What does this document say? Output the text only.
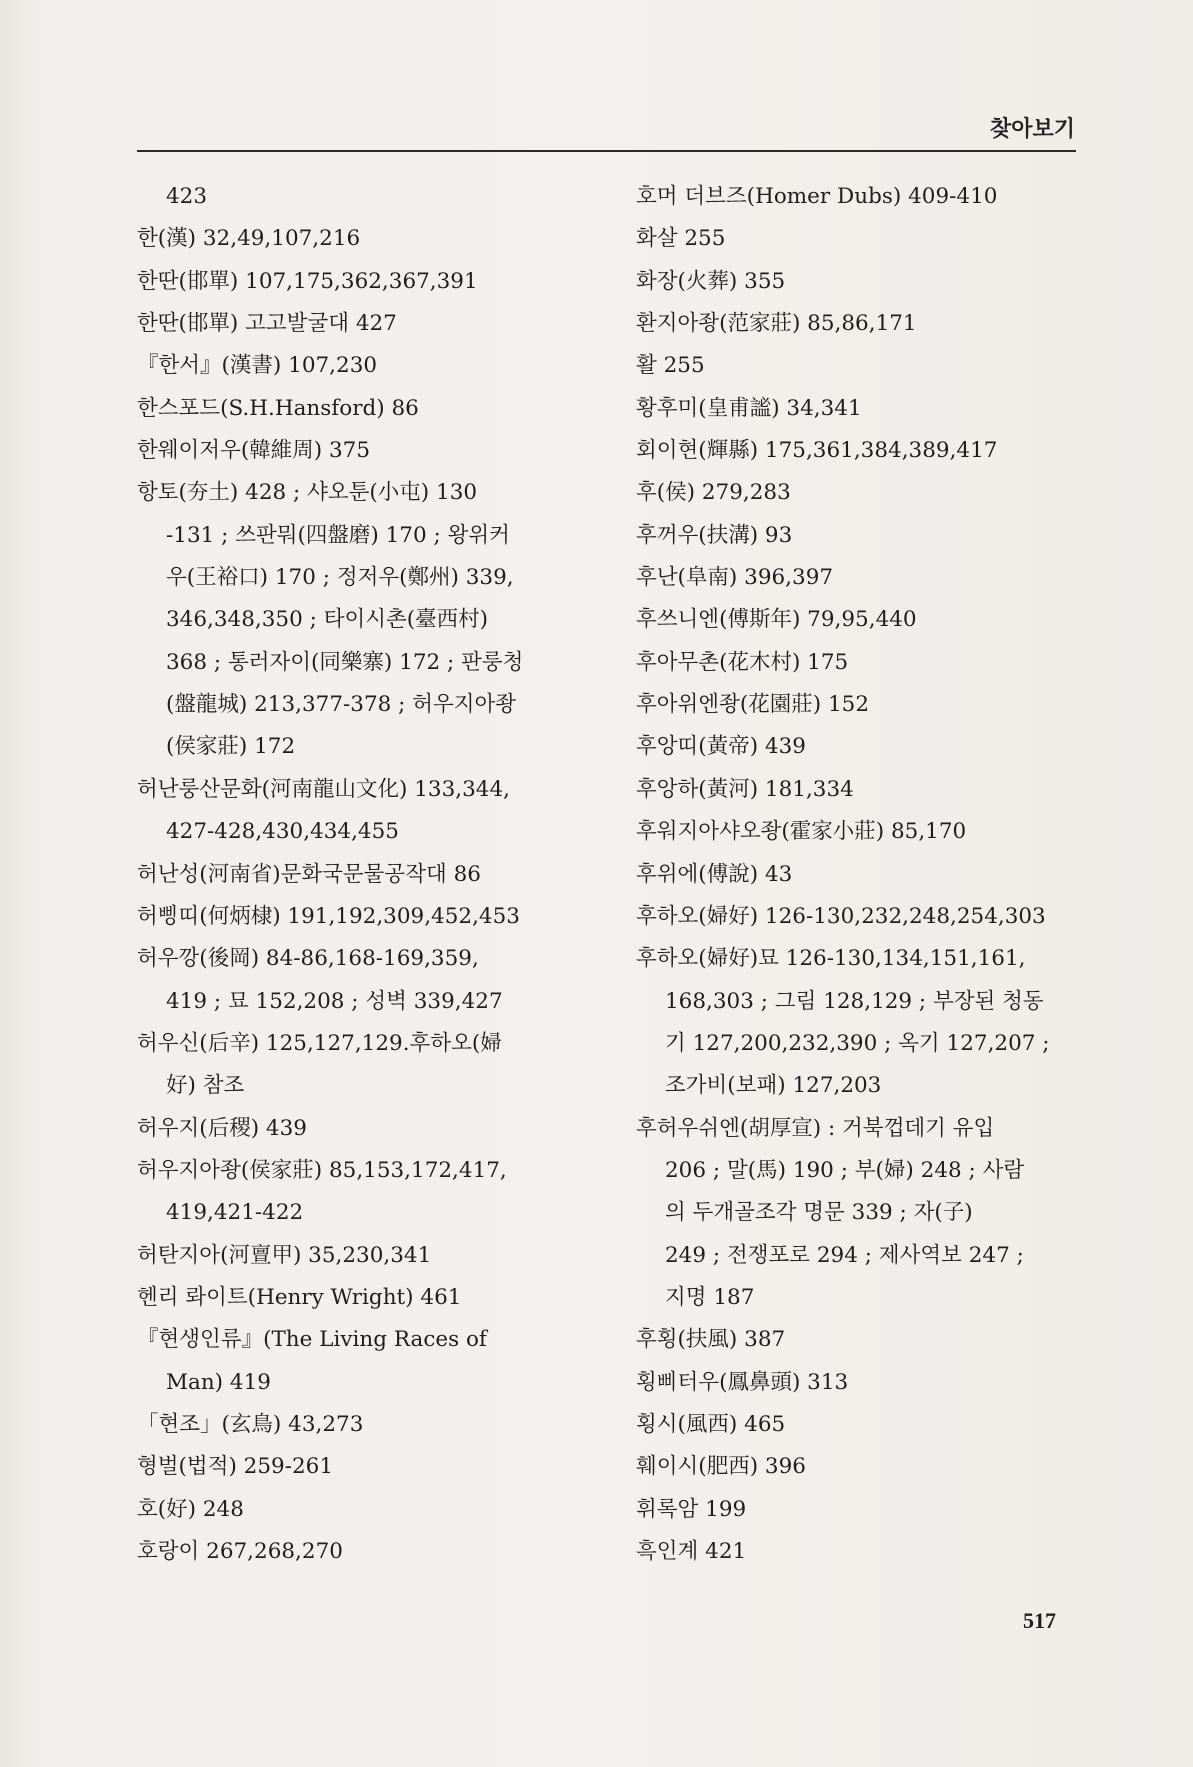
찾아보기
423
한(漢) 32,49,107,216
한딴(邯單) 107,175,362,367,391
한딴(邯單) 고고발굴대 427
『한서』(漢書) 107,230
한스포드(S.H.Hansford) 86
한웨이저우(韓維周) 375
항토(夯土) 428 ; 샤오툰(小屯) 130
-131 ; 쓰판뭐(四盤磨) 170 ; 왕위커
우(王裕口) 170 ; 정저우(鄭州) 339,
346,348,350 ; 타이시촌(臺西村)
368 ; 통러자이(同樂寨) 172 ; 판룽청
(盤龍城) 213,377-378 ; 허우지아좡
(侯家莊) 172
허난룽산문화(河南龍山文化) 133,344,
427-428,430,434,455
허난성(河南省)문화국문물공작대 86
허삥띠(何炳棣) 191,192,309,452,453
허우깡(後岡) 84-86,168-169,359,
419 ; 묘 152,208 ; 성벽 339,427
허우신(后辛) 125,127,129.후하오(婦
好) 참조
허우지(后稷) 439
허우지아좡(侯家莊) 85,153,172,417,
419,421-422
허탄지아(河亶甲) 35,230,341
헨리 롸이트(Henry Wright) 461
『현생인류』(The Living Races of
Man) 419
「현조」(玄鳥) 43,273
형벌(법적) 259-261
호(好) 248
호랑이 267,268,270
호머 더브즈(Homer Dubs) 409-410
화살 255
화장(火葬) 355
환지아좡(范家莊) 85,86,171
활 255
황후미(皇甫謐) 34,341
회이현(輝縣) 175,361,384,389,417
후(侯) 279,283
후꺼우(扶溝) 93
후난(阜南) 396,397
후쓰니엔(傅斯年) 79,95,440
후아무촌(花木村) 175
후아위엔좡(花園莊) 152
후앙띠(黃帝) 439
후앙하(黃河) 181,334
후워지아샤오좡(霍家小莊) 85,170
후위에(傅說) 43
후하오(婦好) 126-130,232,248,254,303
후하오(婦好)묘 126-130,134,151,161,
168,303 ; 그림 128,129 ; 부장된 청동
기 127,200,232,390 ; 옥기 127,207 ;
조가비(보패) 127,203
후허우쉬엔(胡厚宣) : 거북껍데기 유입
206 ; 말(馬) 190 ; 부(婦) 248 ; 사람
의 두개골조각 명문 339 ; 자(子)
249 ; 전쟁포로 294 ; 제사역보 247 ;
지명 187
후횡(扶風) 387
횡삐터우(鳳鼻頭) 313
횡시(風西) 465
훼이시(肥西) 396
휘록암 199
흑인계 421
517
